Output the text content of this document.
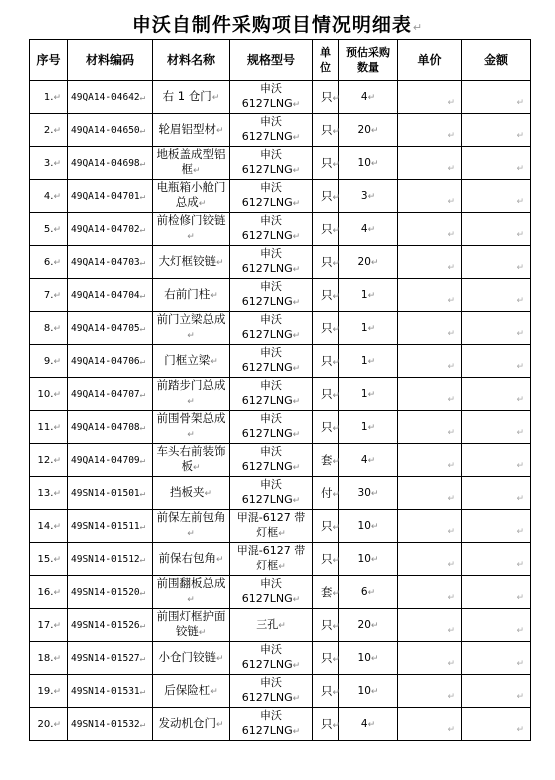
申沃自制件采购项目情况明细表↵
序号	材料编码	材料名称	规格型号	单位	预估采购数量	单价	金额
1.↵	49QA14-04642↵	右 1 仓门↵	申沃 6127LNG↵	只↵	4↵	↵	↵

2.↵	49QA14-04650↵	轮眉铝型材↵	申沃 6127LNG↵	只↵	20↵	↵	↵

3.↵	49QA14-04698↵	地板盖成型铝框↵	申沃 6127LNG↵	只↵	10↵	↵	↵

4.↵	49QA14-04701↵	电瓶箱小舱门总成↵	申沃 6127LNG↵	只↵	3↵	↵	↵

5.↵	49QA14-04702↵	前检修门铰链↵	申沃 6127LNG↵	只↵	4↵	↵	↵

6.↵	49QA14-04703↵	大灯框铰链↵	申沃 6127LNG↵	只↵	20↵	↵	↵

7.↵	49QA14-04704↵	右前门柱↵	申沃 6127LNG↵	只↵	1↵	↵	↵

8.↵	49QA14-04705↵	前门立梁总成↵	申沃 6127LNG↵	只↵	1↵	↵	↵

9.↵	49QA14-04706↵	门框立梁↵	申沃 6127LNG↵	只↵	1↵	↵	↵

10.↵	49QA14-04707↵	前踏步门总成↵	申沃 6127LNG↵	只↵	1↵	↵	↵

11.↵	49QA14-04708↵	前围骨架总成↵	申沃 6127LNG↵	只↵	1↵	↵	↵

12.↵	49QA14-04709↵	车头右前装饰板↵	申沃 6127LNG↵	套↵	4↵	↵	↵

13.↵	49SN14-01501↵	挡板夹↵	申沃 6127LNG↵	付↵	30↵	↵	↵

14.↵	49SN14-01511↵	前保左前包角↵	甲混-6127 带灯框↵	只↵	10↵	↵	↵

15.↵	49SN14-01512↵	前保右包角↵	甲混-6127 带灯框↵	只↵	10↵	↵	↵

16.↵	49SN14-01520↵	前围翻板总成↵	申沃 6127LNG↵	套↵	6↵	↵	↵

17.↵	49SN14-01526↵	前围灯框护面铰链↵	三孔↵	只↵	20↵	↵	↵

18.↵	49SN14-01527↵	小仓门铰链↵	申沃 6127LNG↵	只↵	10↵	↵	↵

19.↵	49SN14-01531↵	后保险杠↵	申沃 6127LNG↵	只↵	10↵	↵	↵

20.↵	49SN14-01532↵	发动机仓门↵	申沃 6127LNG↵	只↵	4↵	↵	↵
